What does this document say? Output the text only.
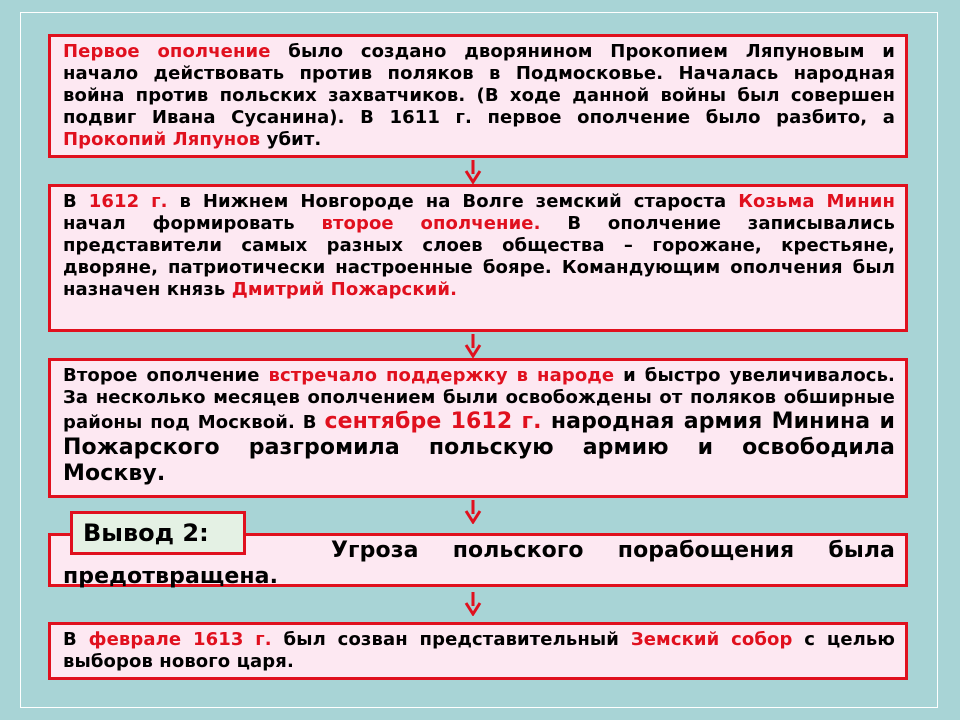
Первое ополчение было создано дворянином Прокопием Ляпуновым и начало действовать против поляков в Подмосковье. Началась народная война против польских захватчиков. (В ходе данной войны был совершен подвиг Ивана Сусанина). В 1611 г. первое ополчение было разбито, а Прокопий Ляпунов убит.

В 1612 г. в Нижнем Новгороде на Волге земский староста Козьма Минин начал формировать второе ополчение. В ополчение записывались представители самых разных слоев общества – горожане, крестьяне, дворяне, патриотически настроенные бояре. Командующим ополчения был назначен князь Дмитрий Пожарский.

Второе ополчение встречало поддержку в народе и быстро увеличивалось. За несколько месяцев ополчением были освобождены от поляков обширные районы под Москвой. В сентябре 1612 г. народная армия Минина и Пожарского разгромила польскую армию и освободила Москву.

Угроза польского порабощения была предотвращена.

Вывод 2:

В феврале 1613 г. был созван представительный Земский собор с целью выборов нового царя.
